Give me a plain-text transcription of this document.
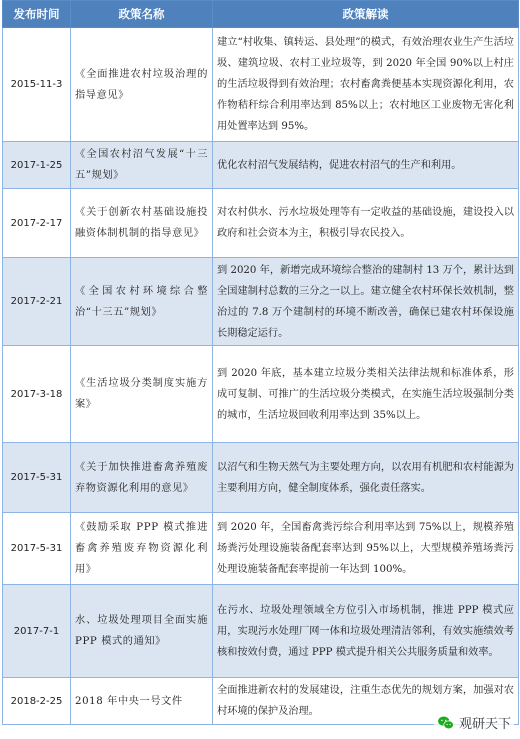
发布时间	政策名称	政策解读
2015-11-3	《全面推进农村垃圾治理的指导意见》	建立“村收集、镇转运、县处理”的模式，有效治理农业生产生活垃圾、建筑垃圾、农村工业垃圾等，到 2020 年全国 90%以上村庄的生活垃圾得到有效治理；农村畜禽粪便基本实现资源化利用，农作物秸秆综合利用率达到 85%以上；农村地区工业废物无害化利用处置率达到 95%。
2017-1-25	《全国农村沼气发展“十三五”规划》	优化农村沼气发展结构，促进农村沼气的生产和利用。
2017-2-17	《关于创新农村基础设施投融资体制机制的指导意见》	对农村供水、污水垃圾处理等有一定收益的基础设施，建设投入以政府和社会资本为主，积极引导农民投入。
2017-2-21	《全国农村环境综合整治“十三五”规划》	到 2020 年，新增完成环境综合整治的建制村 13 万个，累计达到全国建制村总数的三分之一以上。建立健全农村环保长效机制，整治过的 7.8 万个建制村的环境不断改善，确保已建农村环保设施长期稳定运行。
2017-3-18	《生活垃圾分类制度实施方案》	到 2020 年底，基本建立垃圾分类相关法律法规和标准体系，形成可复制、可推广的生活垃圾分类模式，在实施生活垃圾强制分类的城市，生活垃圾回收利用率达到 35%以上。
2017-5-31	《关于加快推进畜禽养殖废弃物资源化利用的意见》	以沼气和生物天然气为主要处理方向，以农用有机肥和农村能源为主要利用方向，健全制度体系，强化责任落实。
2017-5-31	《鼓励采取 PPP 模式推进畜禽养殖废弃物资源化利用》	到 2020 年，全国畜禽粪污综合利用率达到 75%以上，规模养殖场粪污处理设施装备配套率达到 95%以上，大型规模养殖场粪污处理设施装备配套率提前一年达到 100%。
2017-7-1	水、垃圾处理项目全面实施 PPP 模式的通知》	在污水、垃圾处理领域全方位引入市场机制，推进 PPP 模式应用，实现污水处理厂网一体和垃圾处理清洁邻利，有效实施绩效考核和按效付费，通过 PPP 模式提升相关公共服务质量和效率。
2018-2-25	2018 年中央一号文件	全面推进新农村的发展建设，注重生态优先的规划方案，加强对农村环境的保护及治理。
观研天下
